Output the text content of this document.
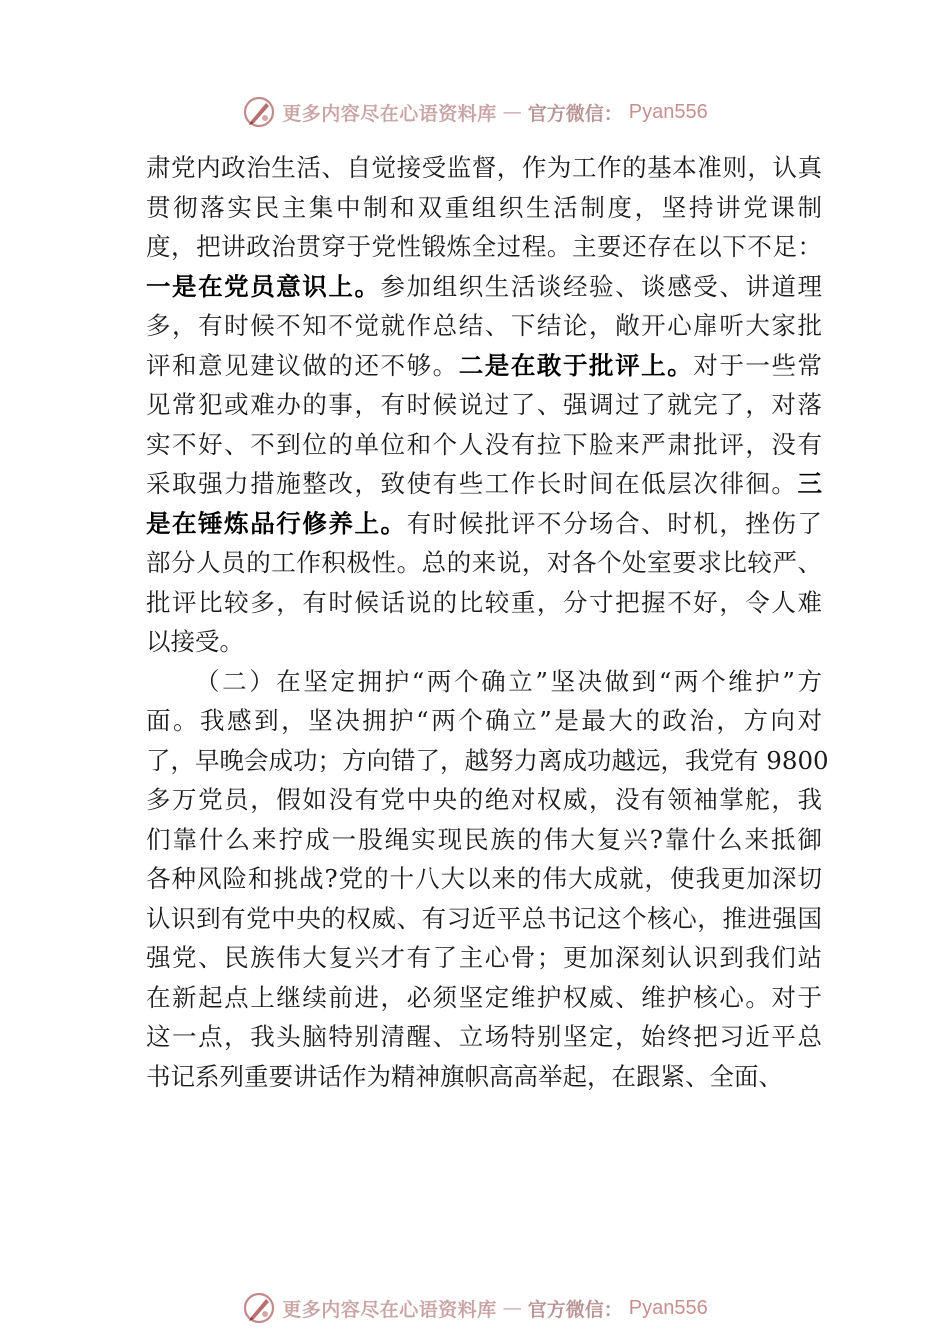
更多内容尽在心语资料库 — 官方微信： Pyan556
肃党内政治生活、自觉接受监督，作为工作的基本准则，认真
贯彻落实民主集中制和双重组织生活制度，坚持讲党课制
度，把讲政治贯穿于党性锻炼全过程。主要还存在以下不足：
一是在党员意识上。参加组织生活谈经验、谈感受、讲道理
多，有时候不知不觉就作总结、下结论，敞开心扉听大家批
评和意见建议做的还不够。二是在敢于批评上。对于一些常
见常犯或难办的事，有时候说过了、强调过了就完了，对落
实不好、不到位的单位和个人没有拉下脸来严肃批评，没有
采取强力措施整改，致使有些工作长时间在低层次徘徊。三
是在锤炼品行修养上。有时候批评不分场合、时机，挫伤了
部分人员的工作积极性。总的来说，对各个处室要求比较严、
批评比较多，有时候话说的比较重，分寸把握不好，令人难
以接受。
（二）在坚定拥护“两个确立”坚决做到“两个维护”方
面。我感到，坚决拥护“两个确立”是最大的政治，方向对
了，早晚会成功；方向错了，越努力离成功越远，我党有 9800
多万党员，假如没有党中央的绝对权威，没有领袖掌舵，我
们靠什么来拧成一股绳实现民族的伟大复兴?靠什么来抵御
各种风险和挑战?党的十八大以来的伟大成就，使我更加深切
认识到有党中央的权威、有习近平总书记这个核心，推进强国
强党、民族伟大复兴才有了主心骨；更加深刻认识到我们站
在新起点上继续前进，必须坚定维护权威、维护核心。对于
这一点，我头脑特别清醒、立场特别坚定，始终把习近平总
书记系列重要讲话作为精神旗帜高高举起，在跟紧、全面、
更多内容尽在心语资料库 — 官方微信： Pyan556
